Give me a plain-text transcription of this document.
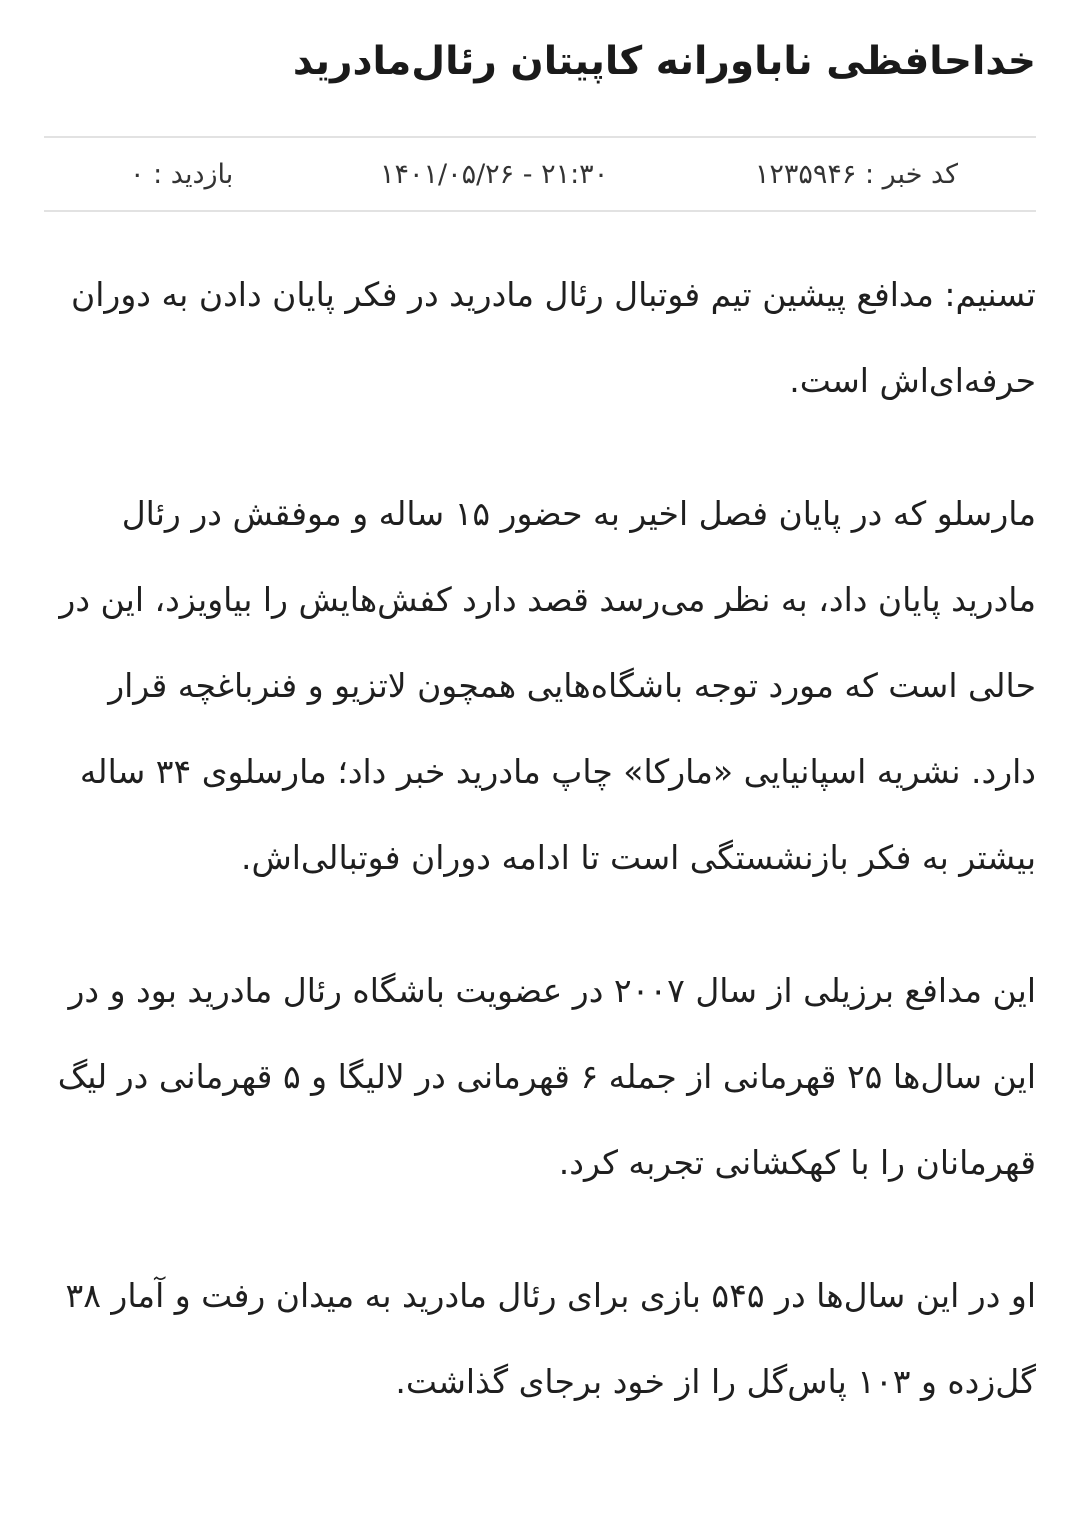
خداحافظی ناباورانه کاپیتان رئال‌مادرید
کد خبر : ۱۲۳۵۹۴۶
۱۴۰۱/۰۵/۲۶ - ۲۱:۳۰
بازدید : ۰

تسنیم: مدافع پیشین تیم فوتبال رئال مادرید در فکر پایان دادن به دوران حرفه‌ای‌اش است.

مارسلو که در پایان فصل اخیر به حضور ۱۵ ساله و موفقش در رئال مادرید پایان داد، به نظر می‌رسد قصد دارد کفش‌هایش را بیاویزد، این در حالی است که مورد توجه باشگاه‌هایی همچون لاتزیو و فنرباغچه قرار دارد. نشریه اسپانیایی «مارکا» چاپ مادرید خبر داد؛ مارسلوی ۳۴ ساله بیشتر به فکر بازنشستگی است تا ادامه دوران فوتبالی‌اش.

این مدافع برزیلی از سال ۲۰۰۷ در عضویت باشگاه رئال مادرید بود و در این سال‌ها ۲۵ قهرمانی از جمله ۶ قهرمانی در لالیگا و ۵ قهرمانی در لیگ قهرمانان را با کهکشانی تجربه کرد.

او در این سال‌ها در ۵۴۵ بازی برای رئال مادرید به میدان رفت و آمار ۳۸ گل‌زده و ۱۰۳ پاس‌گل را از خود برجای گذاشت.
